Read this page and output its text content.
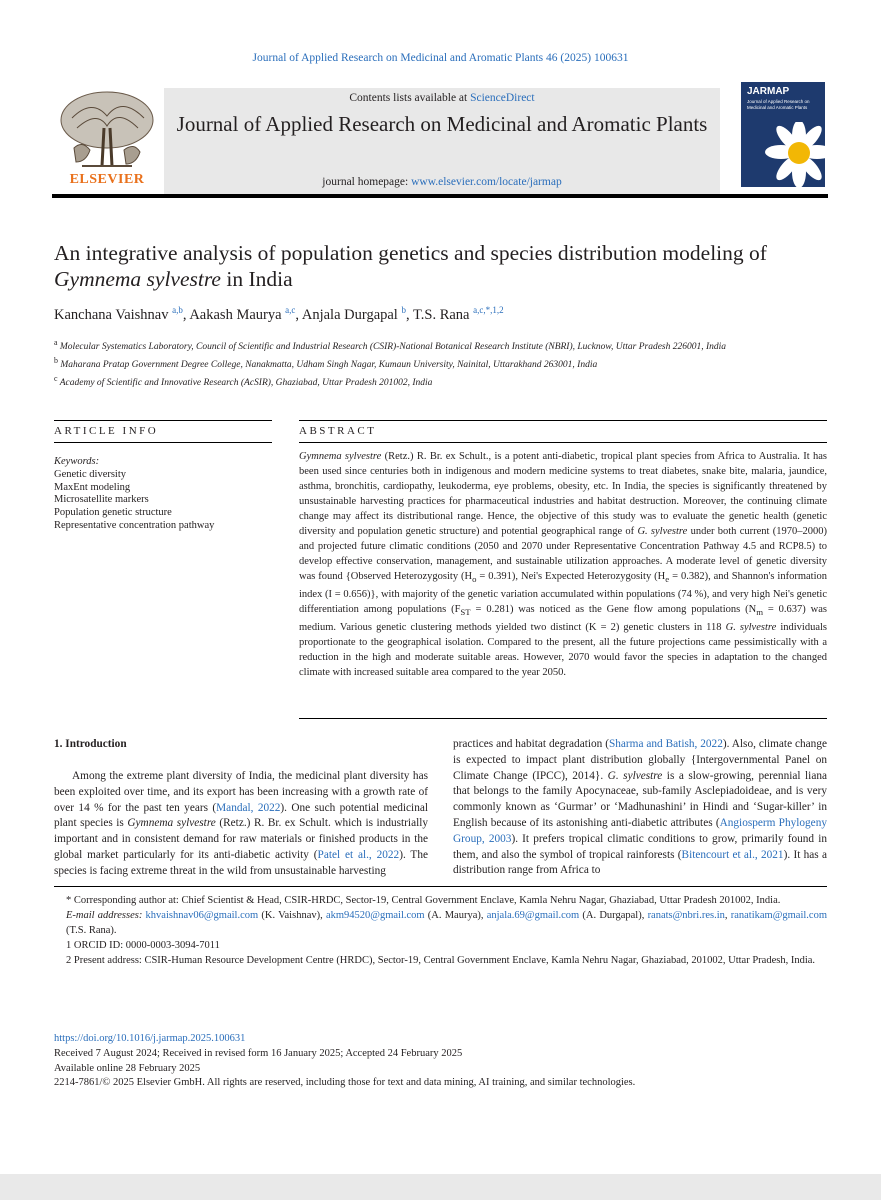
Journal of Applied Research on Medicinal and Aromatic Plants 46 (2025) 100631
ELSEVIER
Contents lists available at ScienceDirect
Journal of Applied Research on Medicinal and Aromatic Plants
journal homepage: www.elsevier.com/locate/jarmap
JARMAP
Journal of Applied Research on Medicinal and Aromatic Plants
An integrative analysis of population genetics and species distribution modeling of Gymnema sylvestre in India
Kanchana Vaishnav $^{a,b}$, Aakash Maurya $^{a,c}$, Anjala Durgapal $^b$, T.S. Rana $^{a,c,*,1,2}$
$^a$ Molecular Systematics Laboratory, Council of Scientific and Industrial Research (CSIR)-National Botanical Research Institute (NBRI), Lucknow, Uttar Pradesh 226001, India
$^b$ Maharana Pratap Government Degree College, Nanakmatta, Udham Singh Nagar, Kumaun University, Nainital, Uttarakhand 263001, India
$^c$ Academy of Scientific and Innovative Research (AcSIR), Ghaziabad, Uttar Pradesh 201002, India
ARTICLE INFO	ABSTRACT
Keywords:
Genetic diversity
MaxEnt modeling
Microsatellite markers
Population genetic structure
Representative concentration pathway
Gymnema sylvestre (Retz.) R. Br. ex Schult., is a potent anti-diabetic, tropical plant species from Africa to Australia. It has been used since centuries both in indigenous and modern medicine systems to treat diabetes, snake bite, malaria, jaundice, asthma, bronchitis, cardiopathy, leukoderma, eye problems, obesity, etc. In India, the species is significantly threatened by unsustainable harvesting practices for pharmaceutical industries and habitat destruction. Moreover, the continuing climate change may affect its distributional range. Hence, the objective of this study was to evaluate the genetic health (genetic diversity and population genetic structure) and potential geographical range of G. sylvestre under both current (1970–2000) and projected future climatic conditions (2050 and 2070 under Representative Concentration Pathway 4.5 and RCP8.5) to develop effective conservation, management, and sustainable utilization approaches. A moderate level of genetic diversity was found {Observed Heterozygosity $(H_o = 0.391)$, Nei's Expected Heterozygosity $(H_e = 0.382)$, and Shannon's information index (I = 0.656)}, with majority of the genetic variation accumulated within populations (74 %), and very high Nei's genetic differentiation among populations $(F_{ST} = 0.281)$ was noticed as the Gene flow among populations $(N_m = 0.637)$ was medium. Various genetic clustering methods yielded two distinct (K = 2) genetic clusters in 118 G. sylvestre individuals proportionate to the geographical isolation. Compared to the present, all the future projections came pessimistically with a reduction in the high and moderate suitable areas. However, 2070 would favor the species in adaptation to the changed climate with increased suitable area compared to the year 2050.
1. Introduction
Among the extreme plant diversity of India, the medicinal plant diversity has been exploited over time, and its export has been increasing with a growth rate of over 14 % for the past ten years (Mandal, 2022). One such potential medicinal plant species is Gymnema sylvestre (Retz.) R. Br. ex Schult. which is industrially important and in consistent demand for raw materials or finished products in the global market particularly for its anti-diabetic activity (Patel et al., 2022). The species is facing extreme threat in the wild from unsustainable harvesting
practices and habitat degradation (Sharma and Batish, 2022). Also, climate change is expected to impact plant distribution globally {Intergovernmental Panel on Climate Change (IPCC), 2014}. G. sylvestre is a slow-growing, perennial liana that belongs to the family Apocynaceae, sub-family Asclepiadoideae, and is very commonly known as ‘Gurmar’ or ‘Madhunashini’ in Hindi and ‘Sugar-killer’ in English because of its astonishing anti-diabetic attributes (Angiosperm Phylogeny Group, 2003). It prefers tropical climatic conditions to grow, primarily found in them, and also the symbol of tropical rainforests (Bitencourt et al., 2021). It has a distribution range from Africa to

* Corresponding author at: Chief Scientist & Head, CSIR-HRDC, Sector-19, Central Government Enclave, Kamla Nehru Nagar, Ghaziabad, Uttar Pradesh 201002, India.

E-mail addresses: khvaishnav06@gmail.com (K. Vaishnav), akm94520@gmail.com (A. Maurya), anjala.69@gmail.com (A. Durgapal), ranats@nbri.res.in, ranatikam@gmail.com (T.S. Rana).

1 ORCID ID: 0000-0003-3094-7011

2 Present address: CSIR-Human Resource Development Centre (HRDC), Sector-19, Central Government Enclave, Kamla Nehru Nagar, Ghaziabad, 201002, Uttar Pradesh, India.

https://doi.org/10.1016/j.jarmap.2025.100631
Received 7 August 2024; Received in revised form 16 January 2025; Accepted 24 February 2025
Available online 28 February 2025
2214-7861/© 2025 Elsevier GmbH. All rights are reserved, including those for text and data mining, AI training, and similar technologies.
